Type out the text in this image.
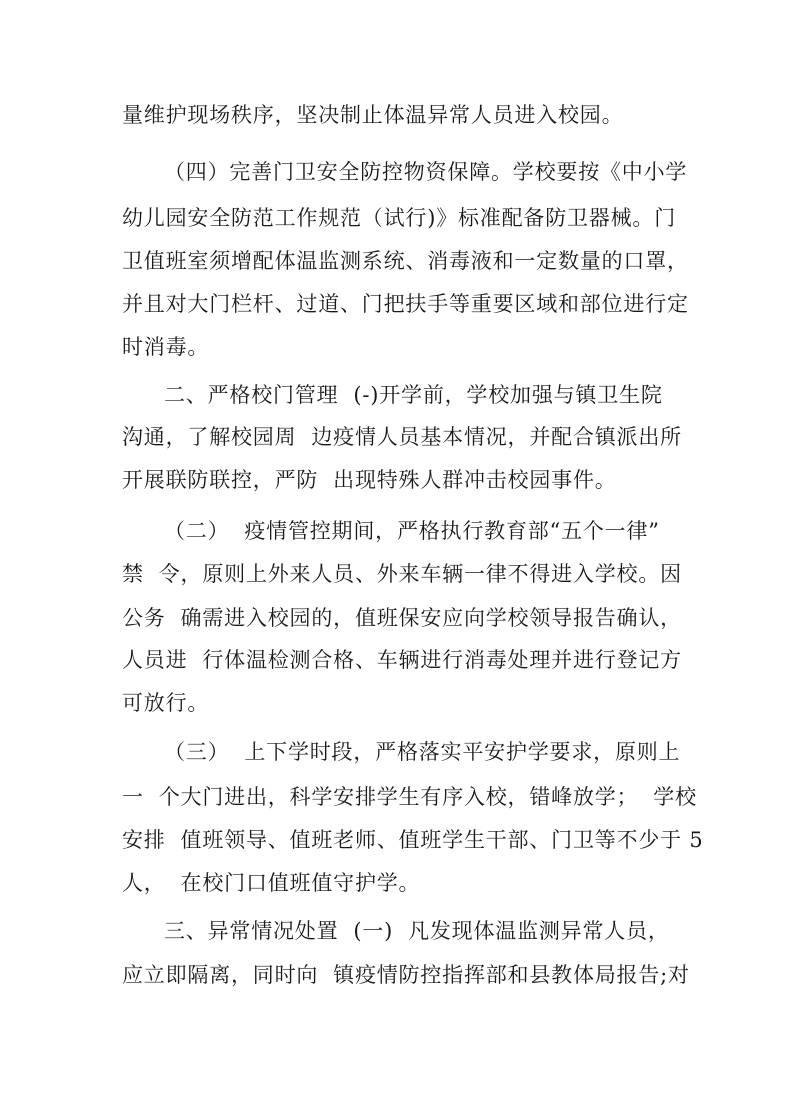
量维护现场秩序，坚决制止体温异常人员进入校园。
（四）完善门卫安全防控物资保障。学校要按《中小学
幼儿园安全防范工作规范（试行)》标准配备防卫器械。门
卫值班室须增配体温监测系统、消毒液和一定数量的口罩，
并且对大门栏杆、过道、门把扶手等重要区域和部位进行定
时消毒。
二、严格校门管理  (-)开学前，学校加强与镇卫生院
沟通，了解校园周  边疫情人员基本情况，并配合镇派出所
开展联防联控，严防  出现特殊人群冲击校园事件。
（二）  疫情管控期间，严格执行教育部“五个一律”
禁  令，原则上外来人员、外来车辆一律不得进入学校。因
公务  确需进入校园的，值班保安应向学校领导报告确认，
人员进  行体温检测合格、车辆进行消毒处理并进行登记方
可放行。
（三）  上下学时段，严格落实平安护学要求，原则上
一  个大门进出，科学安排学生有序入校，错峰放学；  学校
安排  值班领导、值班老师、值班学生干部、门卫等不少于 5
人，  在校门口值班值守护学。
三、异常情况处置  (一)  凡发现体温监测异常人员，
应立即隔离，同时向  镇疫情防控指挥部和县教体局报告;对
